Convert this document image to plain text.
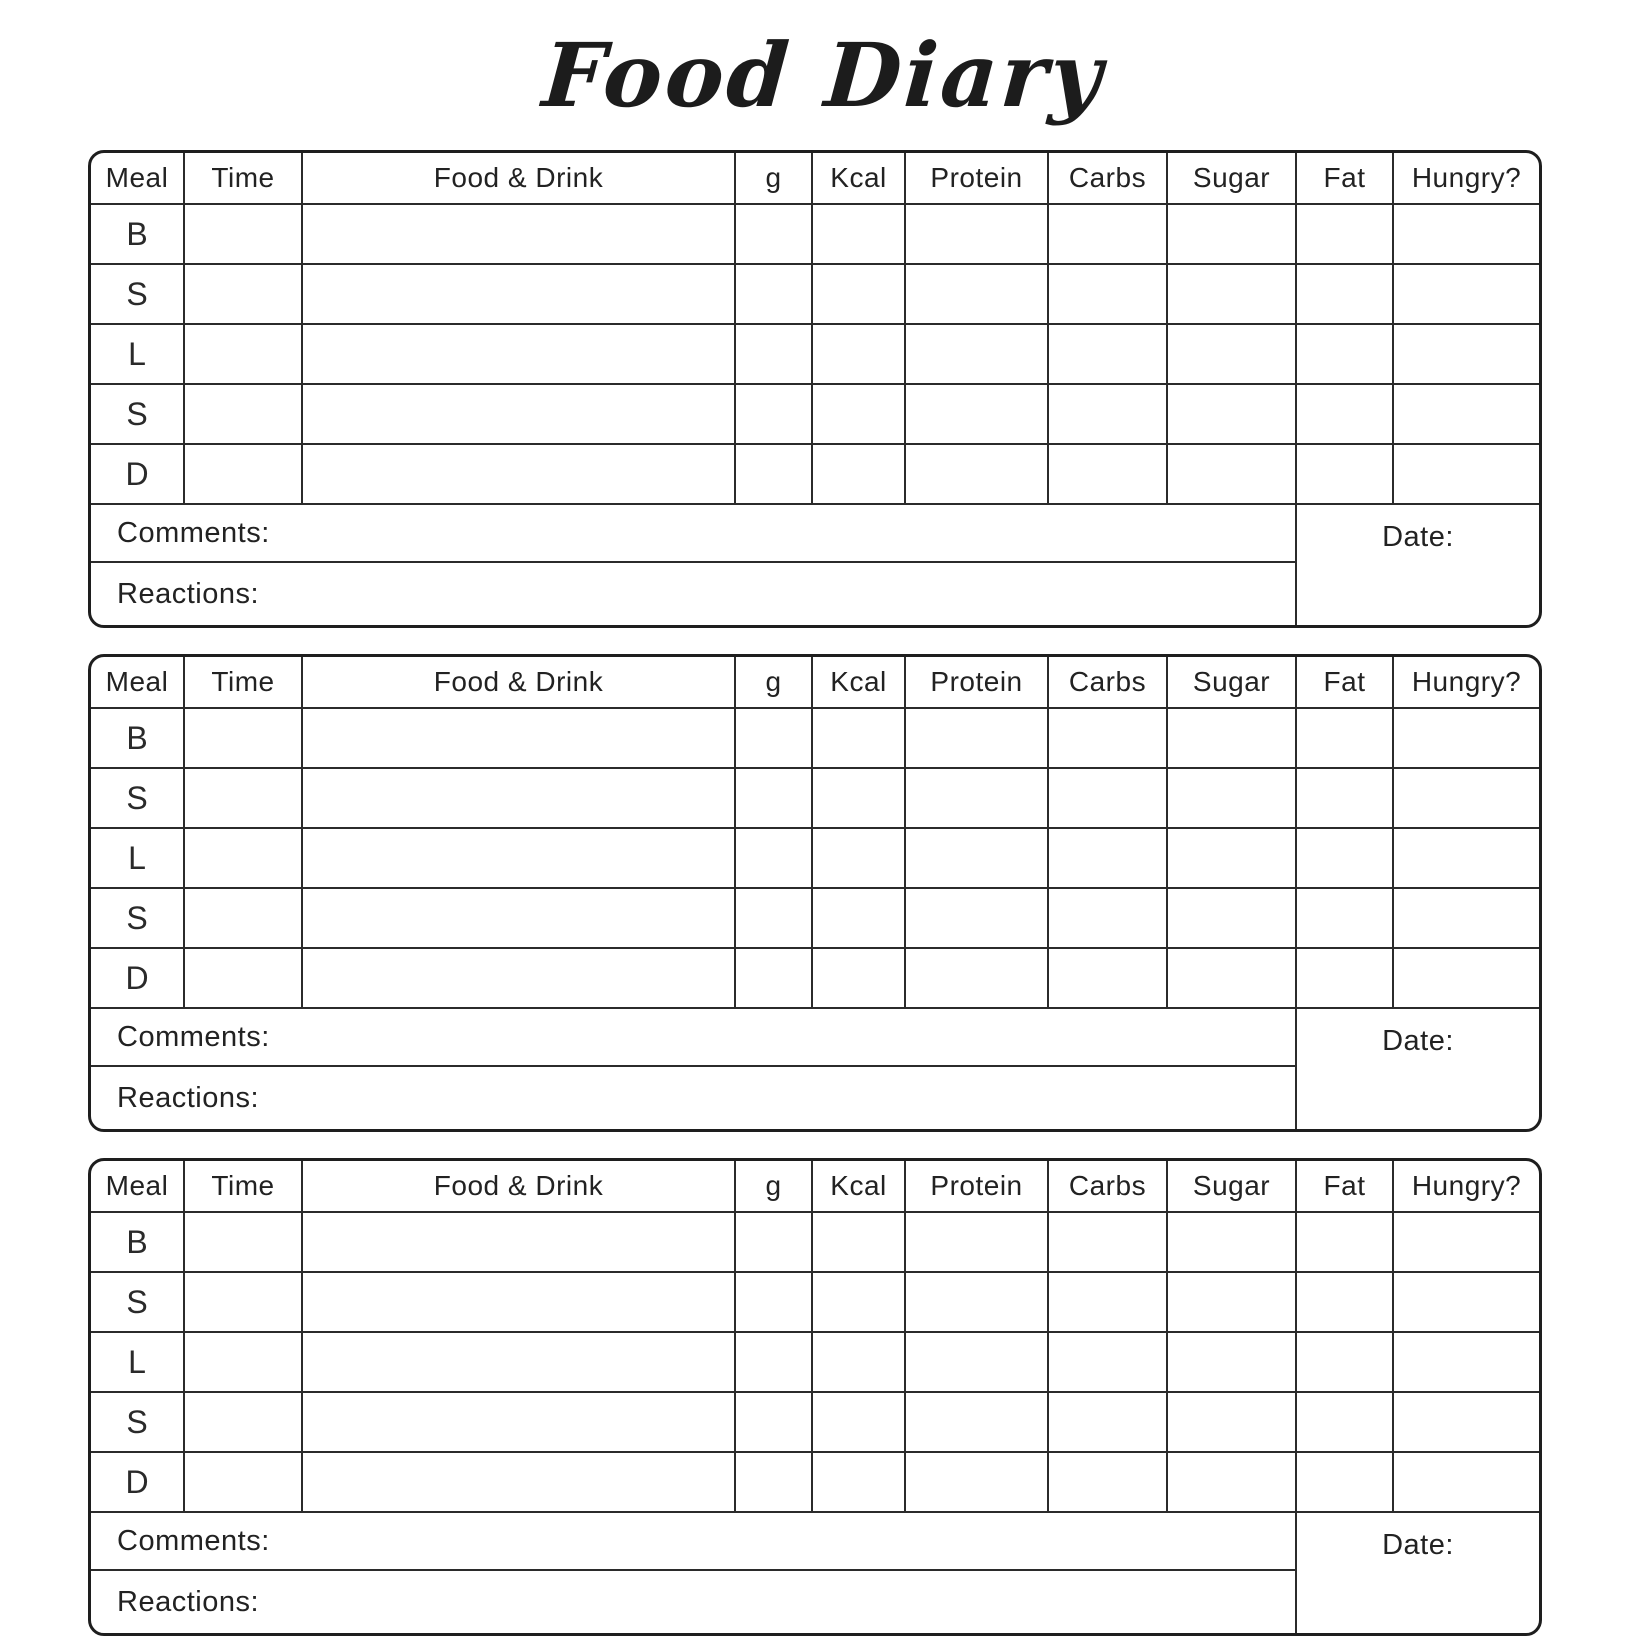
Food Diary
Meal	Time	Food & Drink	g	Kcal	Protein	Carbs	Sugar	Fat	Hungry?
B
S
L
S
D
Comments:
Reactions:
Date:
Meal	Time	Food & Drink	g	Kcal	Protein	Carbs	Sugar	Fat	Hungry?
B
S
L
S
D
Comments:
Reactions:
Date:
Meal	Time	Food & Drink	g	Kcal	Protein	Carbs	Sugar	Fat	Hungry?
B
S
L
S
D
Comments:
Reactions:
Date:
